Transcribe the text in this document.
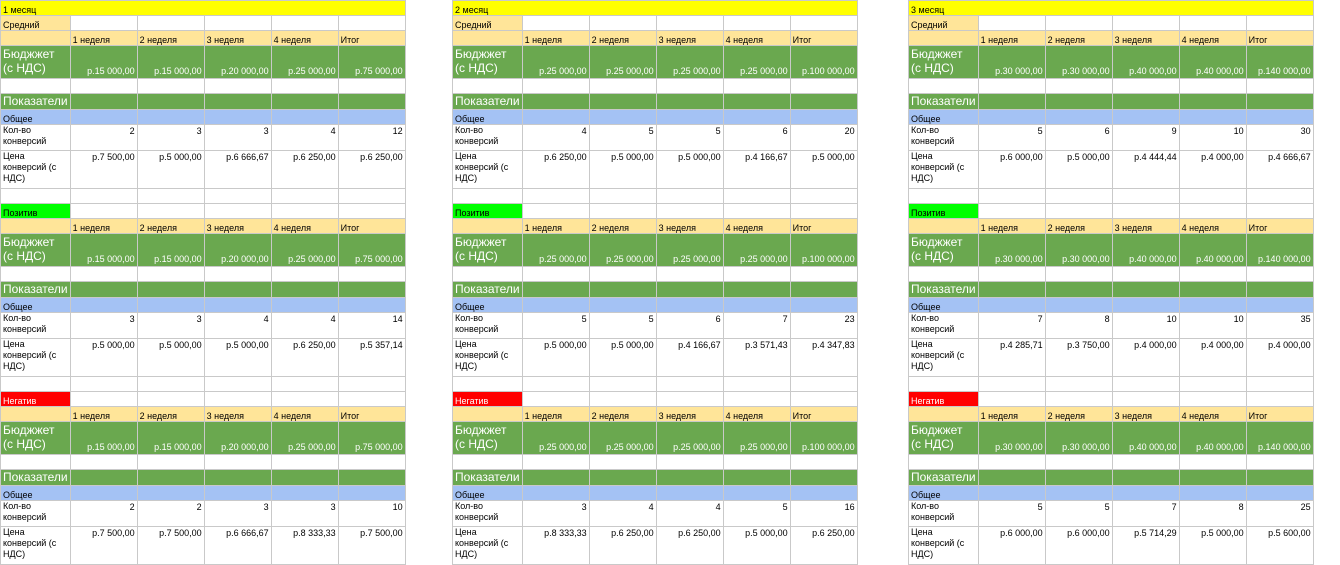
1 месяц					
Средний					
	1 неделя	2 неделя	3 неделя	4 неделя	Итог
Бюджжет (с НДС)	р.15 000,00	р.15 000,00	р.20 000,00	р.25 000,00	р.75 000,00

Показатели					
Общее					
Кол-во конверсий	2	3	3	4	12
Цена конверсий (с НДС)	р.7 500,00	р.5 000,00	р.6 666,67	р.6 250,00	р.6 250,00

Позитив					
	1 неделя	2 неделя	3 неделя	4 неделя	Итог
Бюджжет (с НДС)	р.15 000,00	р.15 000,00	р.20 000,00	р.25 000,00	р.75 000,00

Показатели					
Общее					
Кол-во конверсий	3	3	4	4	14
Цена конверсий (с НДС)	р.5 000,00	р.5 000,00	р.5 000,00	р.6 250,00	р.5 357,14

Негатив					
	1 неделя	2 неделя	3 неделя	4 неделя	Итог
Бюджжет (с НДС)	р.15 000,00	р.15 000,00	р.20 000,00	р.25 000,00	р.75 000,00

Показатели					
Общее					
Кол-во конверсий	2	2	3	3	10
Цена конверсий (с НДС)	р.7 500,00	р.7 500,00	р.6 666,67	р.8 333,33	р.7 500,00
2 месяц					
Средний					
	1 неделя	2 неделя	3 неделя	4 неделя	Итог
Бюджжет (с НДС)	р.25 000,00	р.25 000,00	р.25 000,00	р.25 000,00	р.100 000,00

Показатели					
Общее					
Кол-во конверсий	4	5	5	6	20
Цена конверсий (с НДС)	р.6 250,00	р.5 000,00	р.5 000,00	р.4 166,67	р.5 000,00

Позитив					
	1 неделя	2 неделя	3 неделя	4 неделя	Итог
Бюджжет (с НДС)	р.25 000,00	р.25 000,00	р.25 000,00	р.25 000,00	р.100 000,00

Показатели					
Общее					
Кол-во конверсий	5	5	6	7	23
Цена конверсий (с НДС)	р.5 000,00	р.5 000,00	р.4 166,67	р.3 571,43	р.4 347,83

Негатив					
	1 неделя	2 неделя	3 неделя	4 неделя	Итог
Бюджжет (с НДС)	р.25 000,00	р.25 000,00	р.25 000,00	р.25 000,00	р.100 000,00

Показатели					
Общее					
Кол-во конверсий	3	4	4	5	16
Цена конверсий (с НДС)	р.8 333,33	р.6 250,00	р.6 250,00	р.5 000,00	р.6 250,00
3 месяц					
Средний					
	1 неделя	2 неделя	3 неделя	4 неделя	Итог
Бюджжет (с НДС)	р.30 000,00	р.30 000,00	р.40 000,00	р.40 000,00	р.140 000,00

Показатели					
Общее					
Кол-во конверсий	5	6	9	10	30
Цена конверсий (с НДС)	р.6 000,00	р.5 000,00	р.4 444,44	р.4 000,00	р.4 666,67

Позитив					
	1 неделя	2 неделя	3 неделя	4 неделя	Итог
Бюджжет (с НДС)	р.30 000,00	р.30 000,00	р.40 000,00	р.40 000,00	р.140 000,00

Показатели					
Общее					
Кол-во конверсий	7	8	10	10	35
Цена конверсий (с НДС)	р.4 285,71	р.3 750,00	р.4 000,00	р.4 000,00	р.4 000,00

Негатив					
	1 неделя	2 неделя	3 неделя	4 неделя	Итог
Бюджжет (с НДС)	р.30 000,00	р.30 000,00	р.40 000,00	р.40 000,00	р.140 000,00

Показатели					
Общее					
Кол-во конверсий	5	5	7	8	25
Цена конверсий (с НДС)	р.6 000,00	р.6 000,00	р.5 714,29	р.5 000,00	р.5 600,00
